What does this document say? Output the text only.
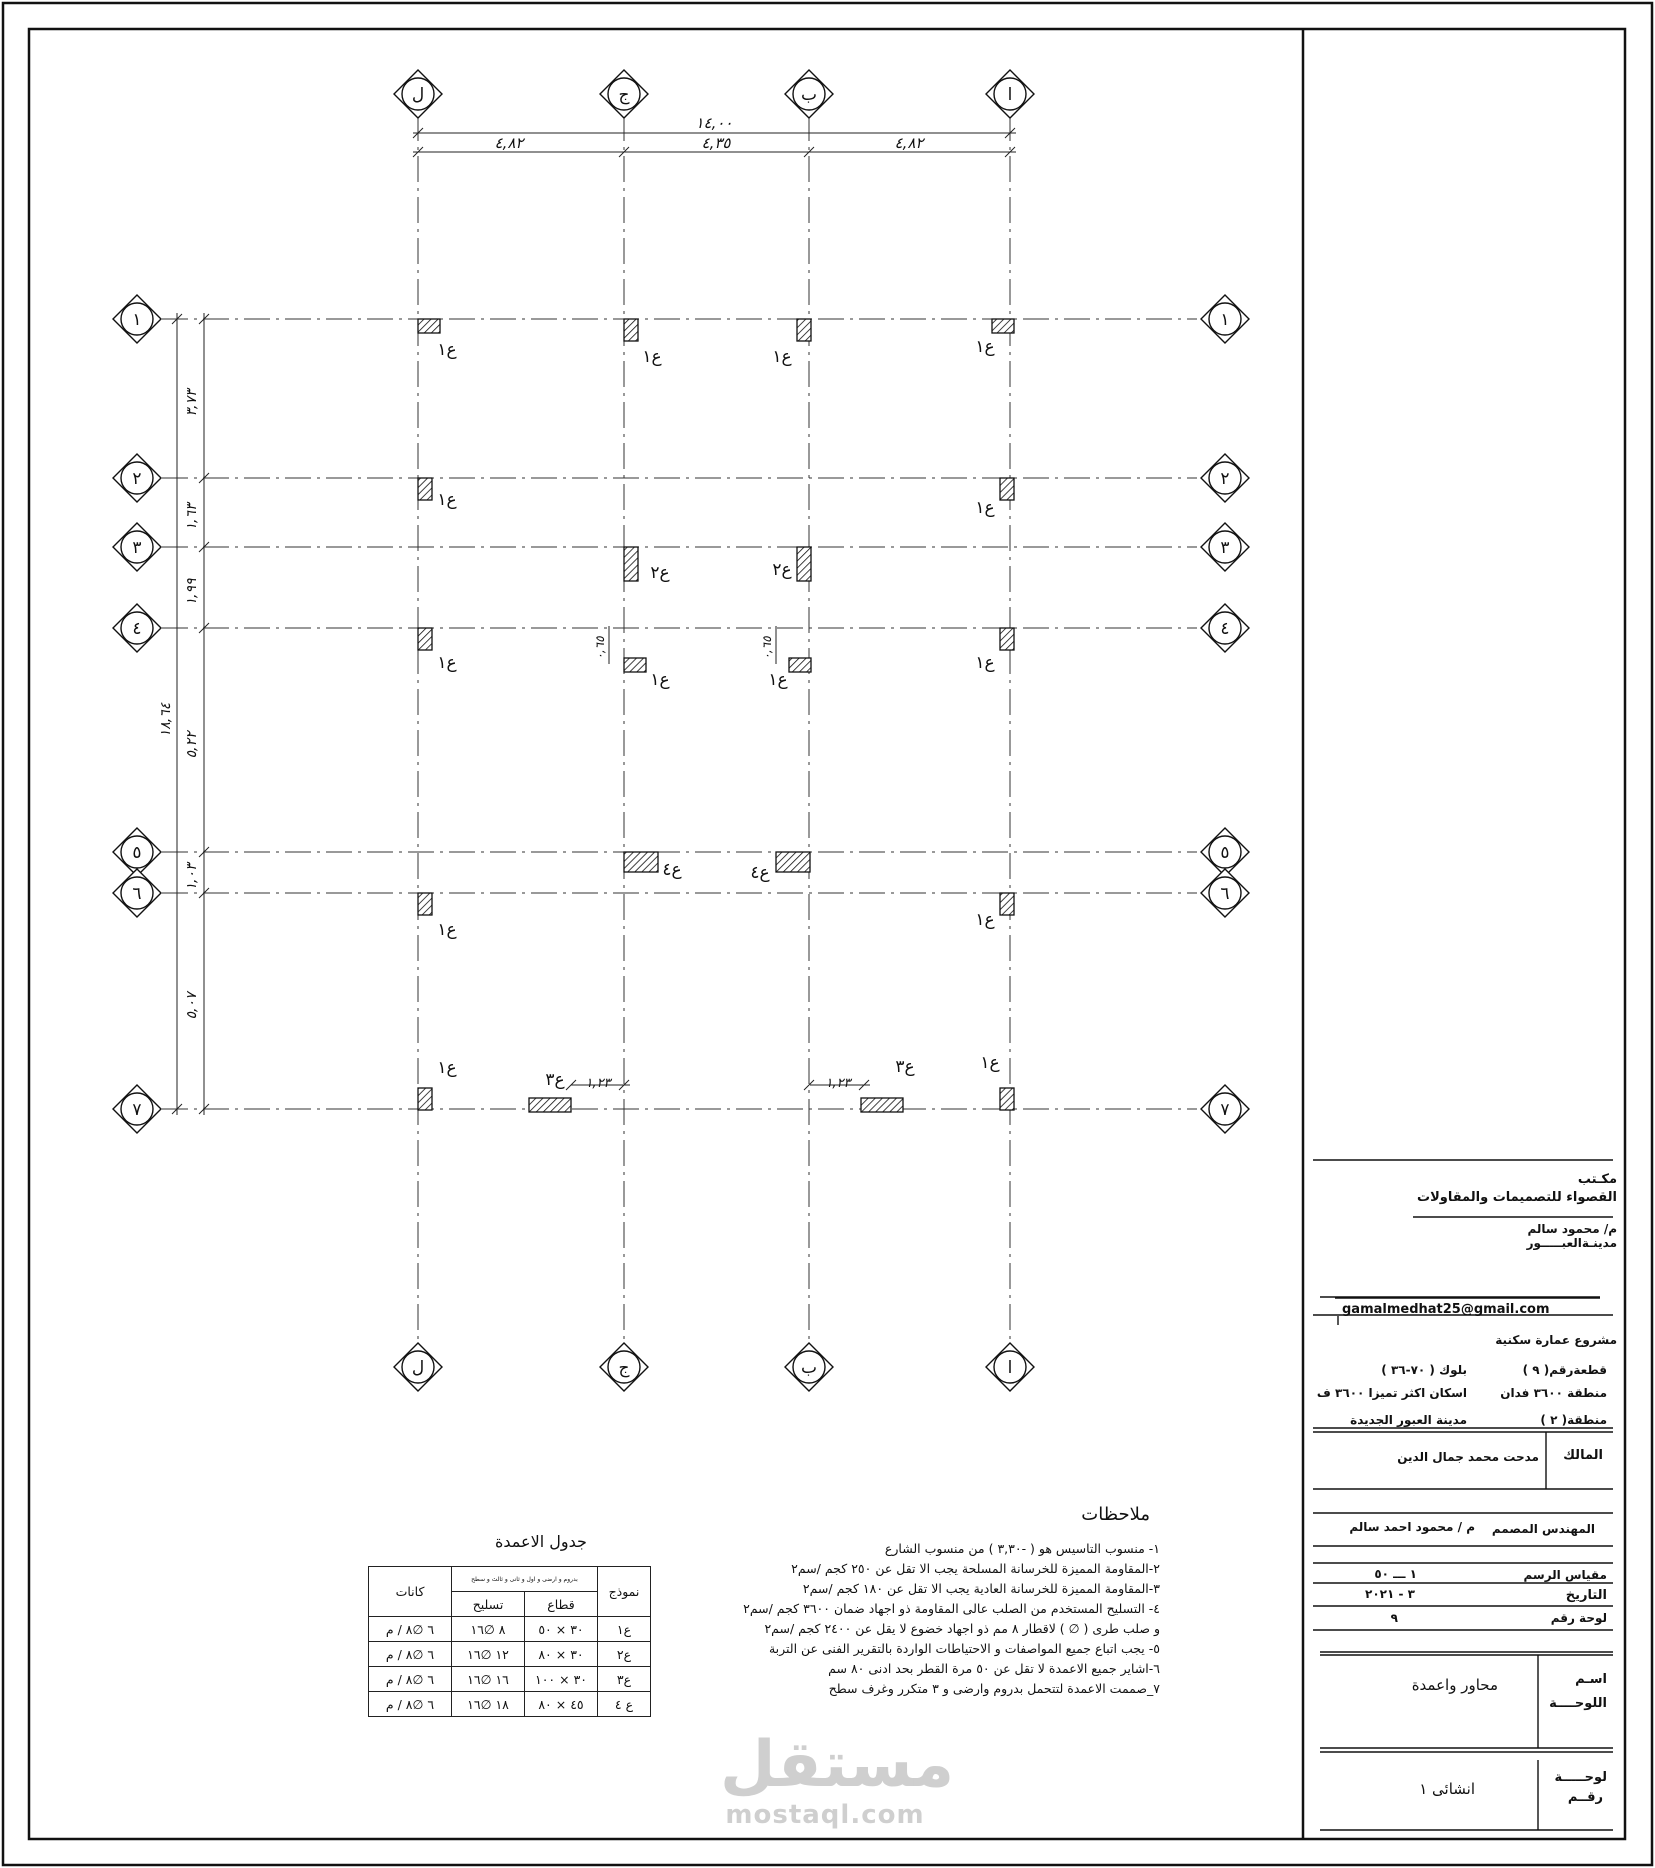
ل
ل
ج
ج
ب
ب
ا
ا
١	١
٢	٢
٣	٣
٤	٤
٥	٥
٦	٦
٧	٧
١٤,٠٠
٤,٨٢	٤,٣٥	٤,٨٢
٣,٧٣
١,٦٣
١,٩٩
٥,٢٢
١,٠٣
٥,٠٧
١٨,٦٤
٠,٦٥	٠,٦٥
١,٢٣	١,٢٣
ع١	ع١	ع١	ع١
ع١	ع١
ع٢	ع٢
ع١	ع١
ع١	ع١
ع٤	ع٤
ع١	ع١
ع١	ع١
ع٣
ع٣
ملاحظات
١- منسوب التاسيس هو ( -٣,٣٠ ) من منسوب الشارع
٢-المقاومة المميزة للخرسانة المسلحة يجب الا تقل عن ٢٥٠ كجم /سم٢
٣-المقاومة المميزة للخرسانة العادية يجب الا تقل عن ١٨٠ كجم /سم٢
٤- التسليح المستخدم من الصلب عالى المقاومة ذو اجهاد ضمان ٣٦٠٠ كجم /سم٢
و صلب طرى ( ∅ ) لاقطار ٨ مم ذو اجهاد خضوع لا يقل عن ٢٤٠٠ كجم /سم٢
٥- يجب اتباع جميع المواصفات و الاحتياطات الواردة بالتقرير الفنى عن التربة
٦-اشاير جميع الاعمدة لا تقل عن ٥٠ مرة القطر بحد ادنى ٨٠ سم
٧_صممت الاعمدة لتتحمل بدروم وارضى و ٣ متكرر وغرف سطح
جدول الاعمدة
نموذج	بدروم و ارضى و اول و ثانى و ثالث و سطح		كانات
	قطاع	تسليح	
ع١	٣٠ × ٥٠	٨ ∅١٦	٦ ∅٨ / م
ع٢	٣٠ × ٨٠	١٢ ∅١٦	٦ ∅٨ / م
ع٣	٣٠ × ١٠٠	١٦ ∅١٦	٦ ∅٨ / م
ع ٤	٤٥ × ٨٠	١٨ ∅١٦	٦ ∅٨ / م
مكـتب
القصواء للتصميمات والمقاولات
م/ محمود سالم
مدينـةالعبـــــور
gamalmedhat25@gmail.com
مشروع عمارة سكنية
قطعةرقم( ٩ )
بلوك ( ٧٠-٣٦ )
منطقة ٣٦٠٠ فدان
اسكان اكثر تميزا ٣٦٠٠ ف
منطقة( ٢ )
مدينة العبور الجديدة
المالك
مدحت محمد جمال الدين
المهندس المصمم
م / محمود احمد سالم
مقياس الرسم
١ ـــ ٥٠
التاريخ
٣ - ٢٠٢١
لوحة رقم
٩
اسـم
اللوحــــة
محاور واعمدة
لوحـــــة
رقــم
انشائى ١
مستقل
mostaql.com
